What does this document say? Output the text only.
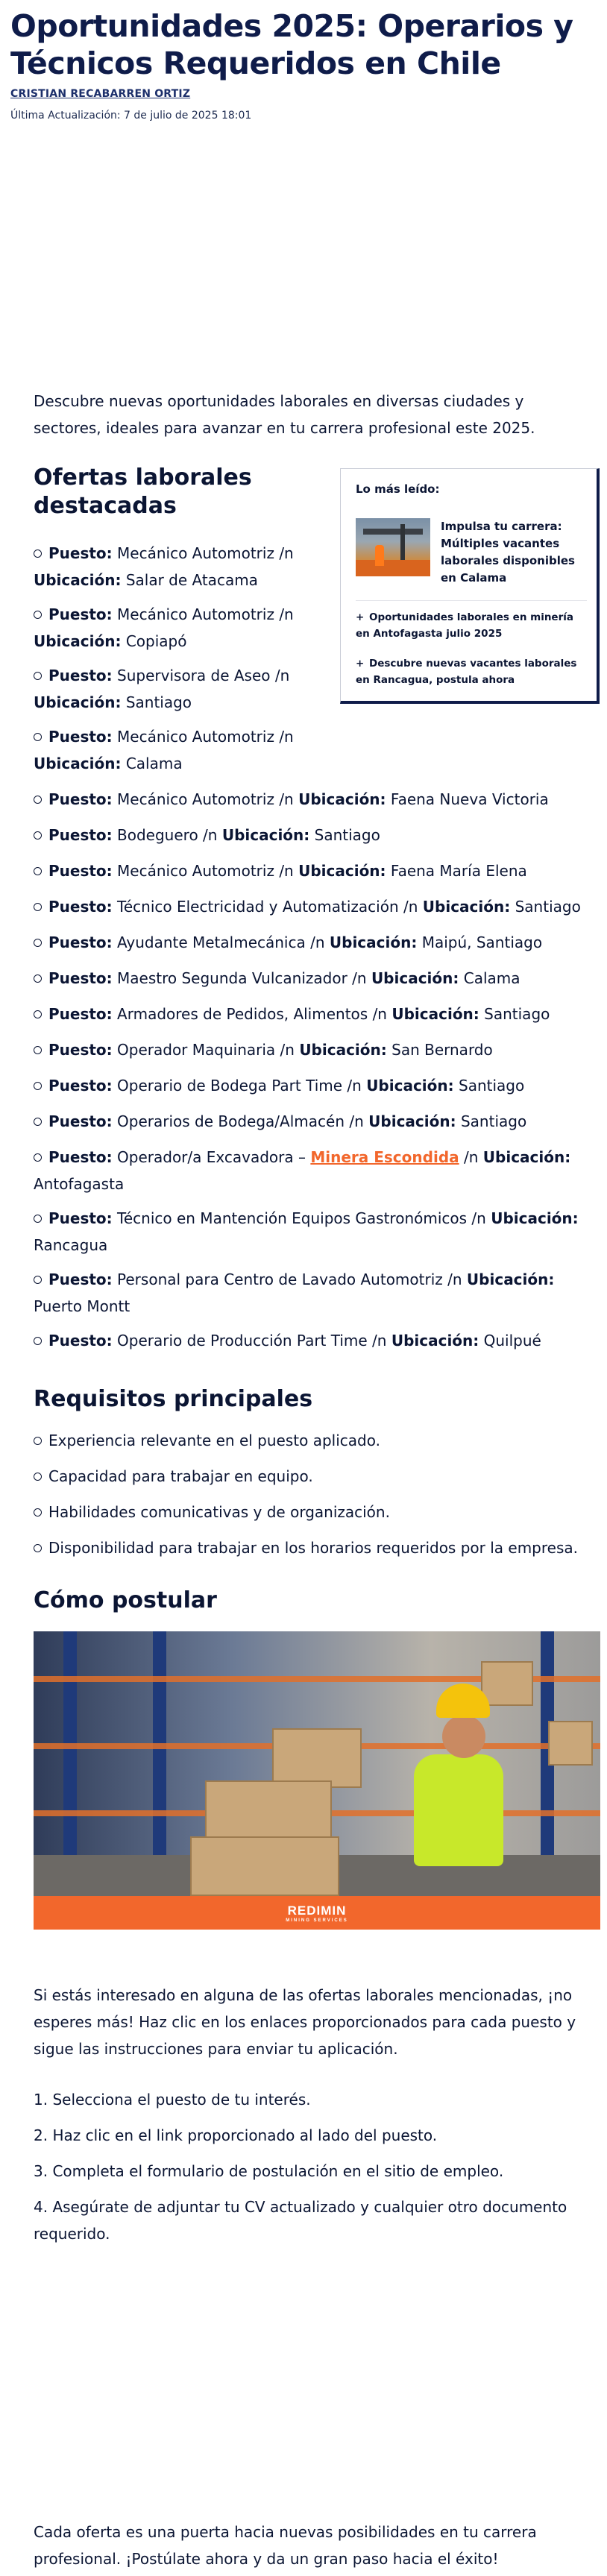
Oportunidades 2025: Operarios y Técnicos Requeridos en Chile
CRISTIAN RECABARREN ORTIZ
Última Actualización: 7 de julio de 2025 18:01

Descubre nuevas oportunidades laborales en diversas ciudades y sectores, ideales para avanzar en tu carrera profesional este 2025.

Ofertas laborales destacadas
Lo más leído:
Impulsa tu carrera: Múltiples vacantes laborales disponibles en Calama
+ Oportunidades laborales en minería en Antofagasta julio 2025
+ Descubre nuevas vacantes laborales en Rancagua, postula ahora
Puesto: Mecánico Automotriz /n Ubicación: Salar de Atacama
Puesto: Mecánico Automotriz /n Ubicación: Copiapó
Puesto: Supervisora de Aseo /n Ubicación: Santiago
Puesto: Mecánico Automotriz /n Ubicación: Calama
Puesto: Mecánico Automotriz /n Ubicación: Faena Nueva Victoria
Puesto: Bodeguero /n Ubicación: Santiago
Puesto: Mecánico Automotriz /n Ubicación: Faena María Elena
Puesto: Técnico Electricidad y Automatización /n Ubicación: Santiago
Puesto: Ayudante Metalmecánica /n Ubicación: Maipú, Santiago
Puesto: Maestro Segunda Vulcanizador /n Ubicación: Calama
Puesto: Armadores de Pedidos, Alimentos /n Ubicación: Santiago
Puesto: Operador Maquinaria /n Ubicación: San Bernardo
Puesto: Operario de Bodega Part Time /n Ubicación: Santiago
Puesto: Operarios de Bodega/Almacén /n Ubicación: Santiago
Puesto: Operador/a Excavadora – Minera Escondida /n Ubicación: Antofagasta
Puesto: Técnico en Mantención Equipos Gastronómicos /n Ubicación: Rancagua
Puesto: Personal para Centro de Lavado Automotriz /n Ubicación: Puerto Montt
Puesto: Operario de Producción Part Time /n Ubicación: Quilpué
Requisitos principales
Experiencia relevante en el puesto aplicado.
Capacidad para trabajar en equipo.
Habilidades comunicativas y de organización.
Disponibilidad para trabajar en los horarios requeridos por la empresa.
Cómo postular
REDIMIN
MINING SERVICES

Si estás interesado en alguna de las ofertas laborales mencionadas, ¡no esperes más! Haz clic en los enlaces proporcionados para cada puesto y sigue las instrucciones para enviar tu aplicación.

1. Selecciona el puesto de tu interés.

2. Haz clic en el link proporcionado al lado del puesto.

3. Completa el formulario de postulación en el sitio de empleo.

4. Asegúrate de adjuntar tu CV actualizado y cualquier otro documento requerido.

Cada oferta es una puerta hacia nuevas posibilidades en tu carrera profesional. ¡Postúlate ahora y da un gran paso hacia el éxito!
